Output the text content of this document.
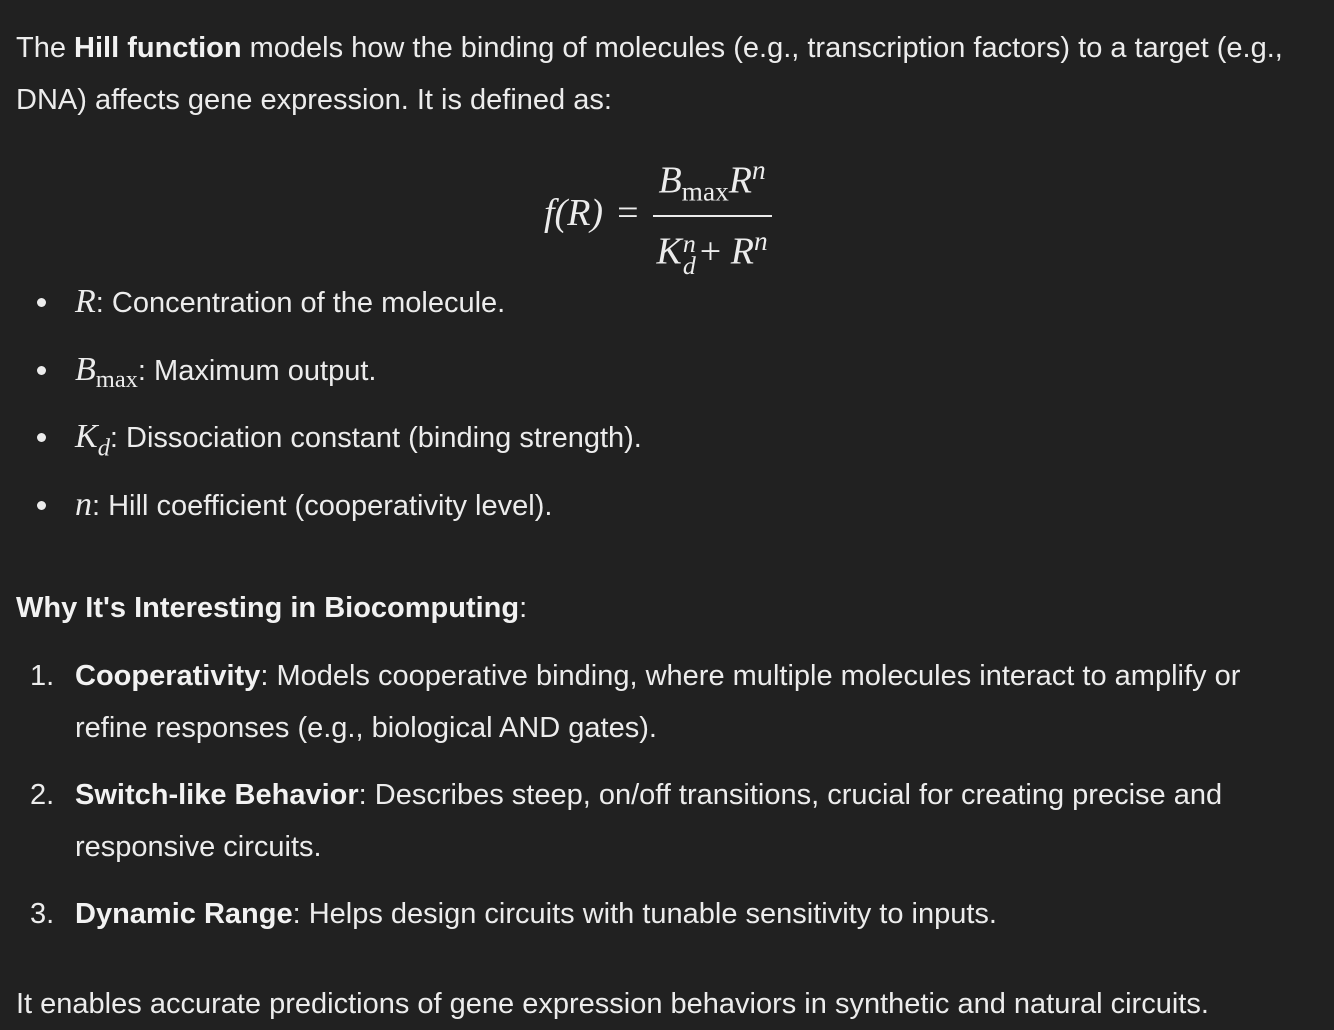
The Hill function models how the binding of molecules (e.g., transcription factors) to a target (e.g., DNA) affects gene expression. It is defined as:

$f(R) = B_{max}R^n$
K n
$d + R^n$
R: Concentration of the molecule.
$B_{max}$: Maximum output.
$K_d$: Dissociation constant (binding strength).
n: Hill coefficient (cooperativity level).

Why It's Interesting in Biocomputing:

1. Cooperativity: Models cooperative binding, where multiple molecules interact to amplify or refine responses (e.g., biological AND gates).
2. Switch-like Behavior: Describes steep, on/off transitions, crucial for creating precise and responsive circuits.
3. Dynamic Range: Helps design circuits with tunable sensitivity to inputs.

It enables accurate predictions of gene expression behaviors in synthetic and natural circuits.
